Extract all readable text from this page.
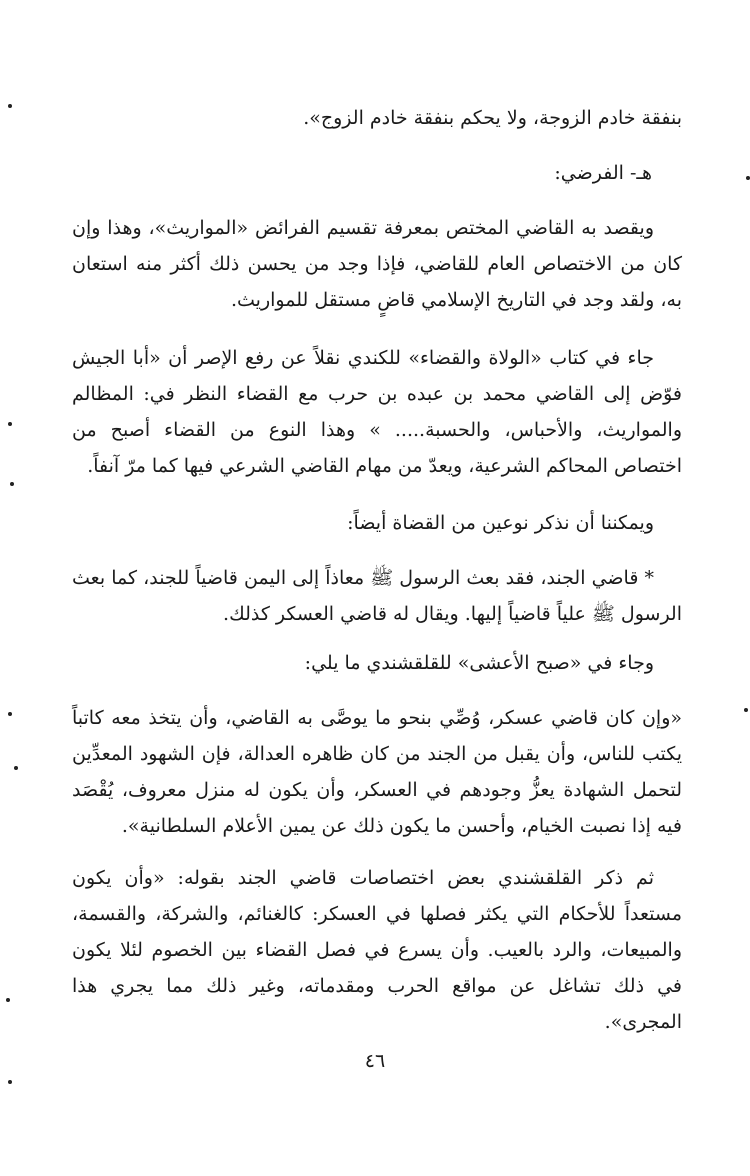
بنفقة خادم الزوجة، ولا يحكم بنفقة خادم الزوج».
هـ- الفرضي:
ويقصد به القاضي المختص بمعرفة تقسيم الفرائض «المواريث»، وهذا وإن كان من الاختصاص العام للقاضي، فإذا وجد من يحسن ذلك أكثر منه استعان به، ولقد وجد في التاريخ الإسلامي قاضٍ مستقل للمواريث.
جاء في كتاب «الولاة والقضاء» للكندي نقلاً عن رفع الإصر أن «أبا الجيش فوّض إلى القاضي محمد بن عبده بن حرب مع القضاء النظر في: المظالم والمواريث، والأحباس، والحسبة..... » وهذا النوع من القضاء أصبح من اختصاص المحاكم الشرعية، ويعدّ من مهام القاضي الشرعي فيها كما مرّ آنفاً.
ويمكننا أن نذكر نوعين من القضاة أيضاً:
* قاضي الجند، فقد بعث الرسول ﷺ معاذاً إلى اليمن قاضياً للجند، كما بعث الرسول ﷺ علياً قاضياً إليها. ويقال له قاضي العسكر كذلك.
وجاء في «صبح الأعشى» للقلقشندي ما يلي:
«وإن كان قاضي عسكر، وُصِّي بنحو ما يوصَّى به القاضي، وأن يتخذ معه كاتباً يكتب للناس، وأن يقبل من الجند من كان ظاهره العدالة، فإن الشهود المعدِّين لتحمل الشهادة يعزُّ وجودهم في العسكر، وأن يكون له منزل معروف، يُقْصَد فيه إذا نصبت الخيام، وأحسن ما يكون ذلك عن يمين الأعلام السلطانية».
ثم ذكر القلقشندي بعض اختصاصات قاضي الجند بقوله: «وأن يكون مستعداً للأحكام التي يكثر فصلها في العسكر: كالغنائم، والشركة، والقسمة، والمبيعات، والرد بالعيب. وأن يسرع في فصل القضاء بين الخصوم لئلا يكون في ذلك تشاغل عن مواقع الحرب ومقدماته، وغير ذلك مما يجري هذا المجرى».
٤٦
